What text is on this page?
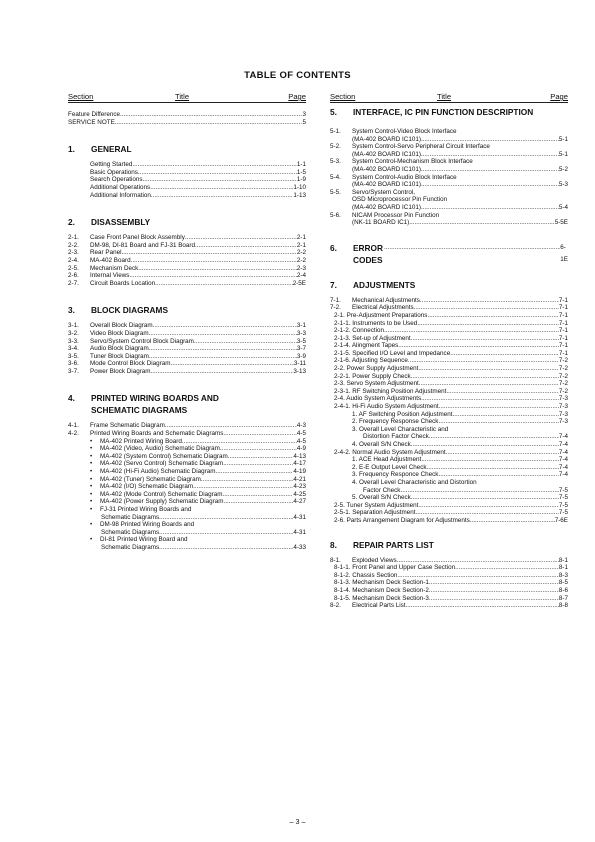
TABLE OF CONTENTS
Section	Title	Page
Feature Difference .....	3
SERVICE NOTE .....	5
1.	GENERAL
Getting Started .....	1-1
Basic Operations .....	1-5
Search Operations .....	1-9
Additional Operations .....	1-10
Additional Information .....	1-13
2.	DISASSEMBLY
2-1.	Case Front Panel Block Assembly .....	2-1
2-2.	DM-98, DI-81 Board and FJ-31 Board .....	2-1
2-3.	Rear Panel .....	2-2
2-4.	MA-402 Board .....	2-2
2-5.	Mechanism Deck .....	2-3
2-6.	Internal Views .....	2-4
2-7.	Circuit Boards Location .....	2-5E
3.	BLOCK DIAGRAMS
3-1.	Overall Block Diagram .....	3-1
3-2.	Video Block Diagram .....	3-3
3-3.	Servo/System Control Block Diagram .....	3-5
3-4.	Audio Block Diagram .....	3-7
3-5.	Tuner Block Diagram .....	3-9
3-6.	Mode Control Block Diagram .....	3-11
3-7.	Power Block Diagram .....	3-13
4.	PRINTED WIRING BOARDS AND
SCHEMATIC DIAGRAMS
4-1.	Frame Schematic Diagram .....	4-3
4-2.	Printed Wiring Boards and Schematic Diagrams .....	4-5
•	MA-402 Printed Wiring Board .....	4-5
•	MA-402 (Video, Audio) Schematic Diagram .....	4-9
•	MA-402 (System Control) Schematic Diagram .....	4-13
•	MA-402 (Servo Control) Schematic Diagram .....	4-17
•	MA-402 (Hi-Fi Audio) Schematic Diagram .....	4-19
•	MA-402 (Tuner) Schematic Diagram .....	4-21
•	MA-402 (I/O) Schematic Diagram .....	4-23
•	MA-402 (Mode Control) Schematic Diagram .....	4-25
•	MA-402 (Power Supply) Schematic Diagram .....	4-27
•	FJ-31 Printed Wiring Boards and
Schematic Diagrams .....	4-31
•	DM-98 Printed Wiring Boards and
Schematic Diagrams .....	4-31
•	DI-81 Printed Wiring Board and
Schematic Diagrams .....	4-33
Section	Title	Page
5.	INTERFACE, IC PIN FUNCTION DESCRIPTION
5-1.	System Control-Video Block Interface
(MA-402 BOARD IC101) .....	5-1
5-2.	System Control-Servo Peripheral Circuit Interface
(MA-402 BOARD IC101) .....	5-1
5-3.	System Control-Mechanism Block Interface
(MA-402 BOARD IC101) .....	5-2
5-4.	System Control-Audio Block Interface
(MA-402 BOARD IC101) .....	5-3
5-5.	Servo/System Control,
OSD Microprocessor Pin Function
(MA-402 BOARD IC101) .....	5-4
5-6.	NICAM Processor Pin Function
(NK-11 BOARD IC1) .....	5-5E
6.	ERROR CODES
.....
6-1E
7.	ADJUSTMENTS
7-1.	Mechanical Adjustments .....	7-1
7-2.	Electrical Adjustments .....	7-1
2-1. Pre-Adjustment Preparations .....	7-1
2-1-1. Instruments to be Used .....	7-1
2-1-2. Connection .....	7-1
2-1-3. Set-up of Adjustment .....	7-1
2-1-4. Alingment Tapes .....	7-1
2-1-5. Specified I/O Level and Impedance .....	7-1
2-1-6. Adjusting Sequence .....	7-2
2-2. Power Supply Adjustment .....	7-2
2-2-1. Power Supply Check .....	7-2
2-3. Servo System Adjustment .....	7-2
2-3-1. RF Switching Position Adjustment .....	7-2
2-4. Audio System Adjustments .....	7-3
2-4-1. Hi-Fi Audio System Adjustment .....	7-3
1. AF Switching Position Adjustment .....	7-3
2. Frequency Response Check .....	7-3
3. Overall Level Characteristic and
Distortion Factor Check .....	7-4
4. Overall S/N Check .....	7-4
2-4-2. Normal Audio System Adjustment .....	7-4
1. ACE Head Adjustment .....	7-4
2. E-E Output Level Check .....	7-4
3. Frequency Responce Check .....	7-4
4. Overall Level Characteristic and Distortion
Factor Check .....	7-5
5. Overall S/N Check .....	7-5
2-5. Tuner System Adjustment .....	7-5
2-5-1. Separation Adjustment .....	7-5
2-6. Parts Arrangement Diagram for Adjustments .....	7-6E
8.	REPAIR PARTS LIST
8-1.	Exploded Views .....	8-1
8-1-1. Front Panel and Upper Case Section .....	8-1
8-1-2. Chassis Section .....	8-3
8-1-3. Mechanism Deck Section-1 .....	8-5
8-1-4. Mechanism Deck Section-2 .....	8-6
8-1-5. Mechanism Deck Section-3 .....	8-7
8-2.	Electrical Parts List .....	8-8
– 3 –
